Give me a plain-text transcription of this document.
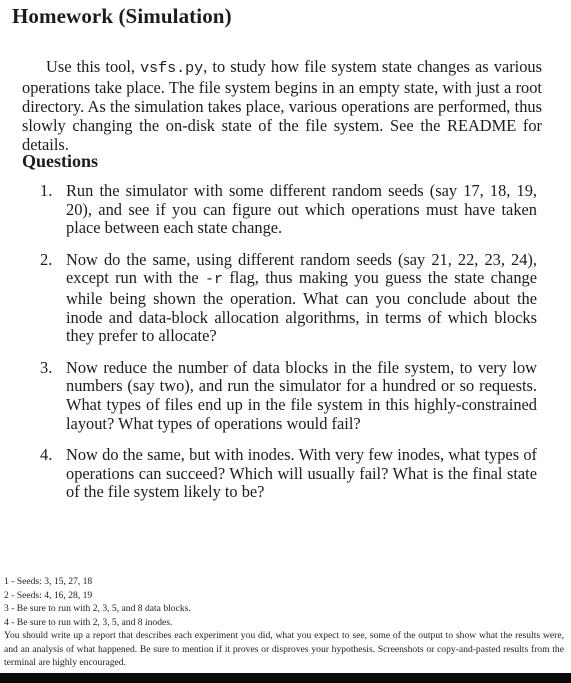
Homework (Simulation)

Use this tool, vsfs.py, to study how file system state changes as various operations take place. The file system begins in an empty state, with just a root directory. As the simulation takes place, various operations are performed, thus slowly changing the on-disk state of the file system. See the README for details.

Questions
1. Run the simulator with some different random seeds (say 17, 18, 19, 20), and see if you can figure out which operations must have taken place between each state change.
2. Now do the same, using different random seeds (say 21, 22, 23, 24), except run with the -r flag, thus making you guess the state change while being shown the operation. What can you conclude about the inode and data-block allocation algorithms, in terms of which blocks they prefer to allocate?
3. Now reduce the number of data blocks in the file system, to very low numbers (say two), and run the simulator for a hundred or so requests. What types of files end up in the file system in this highly-constrained layout? What types of operations would fail?
4. Now do the same, but with inodes. With very few inodes, what types of operations can succeed? Which will usually fail? What is the final state of the file system likely to be?
1 - Seeds: 3, 15, 27, 18
2 - Seeds: 4, 16, 28, 19
3 - Be sure to run with 2, 3, 5, and 8 data blocks.
4 - Be sure to run with 2, 3, 5, and 8 inodes.
You should write up a report that describes each experiment you did, what you expect to see, some of the output to show what the results were, and an analysis of what happened. Be sure to mention if it proves or disproves your hypothesis. Screenshots or copy-and-pasted results from the terminal are highly encouraged.
